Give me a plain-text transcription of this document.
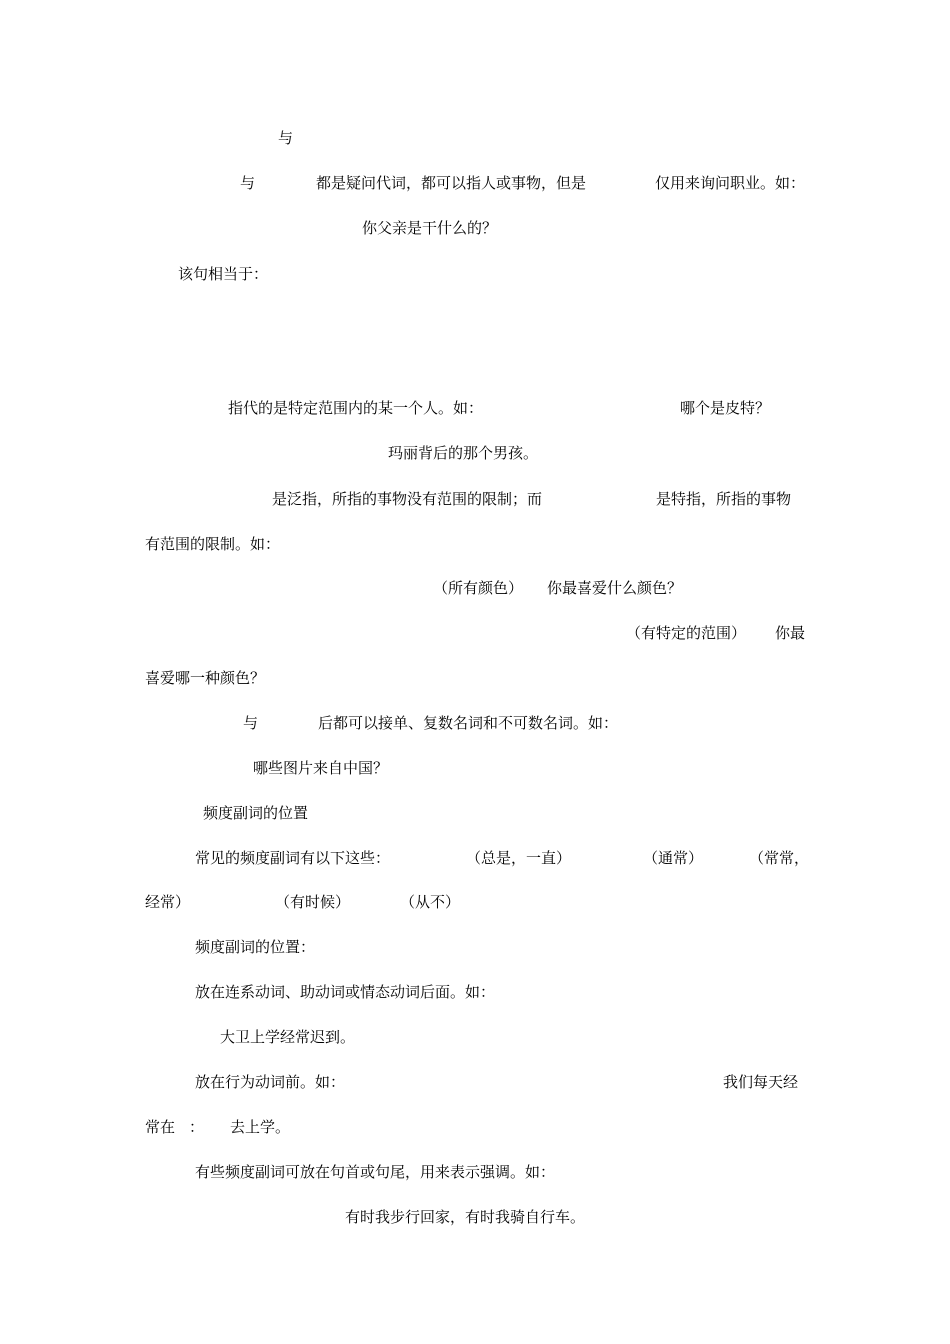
与
与	都是疑问代词，都可以指人或事物，但是	仅用来询问职业。如：
你父亲是干什么的？
该句相当于：
指代的是特定范围内的某一个人。如：	哪个是皮特？
玛丽背后的那个男孩。
是泛指，所指的事物没有范围的限制；而	是特指，所指的事物
有范围的限制。如：
（所有颜色） 你最喜爱什么颜色？
（有特定的范围） 你最
喜爱哪一种颜色？
与	后都可以接单、复数名词和不可数名词。如：
哪些图片来自中国？
频度副词的位置
常见的频度副词有以下这些：	（总是，一直）	（通常）	（常常，
经常）	（有时候）	（从不）
频度副词的位置：
放在连系动词、助动词或情态动词后面。如：
大卫上学经常迟到。
放在行为动词前。如：	我们每天经
常在 ： 去上学。
有些频度副词可放在句首或句尾，用来表示强调。如：
有时我步行回家，有时我骑自行车。
